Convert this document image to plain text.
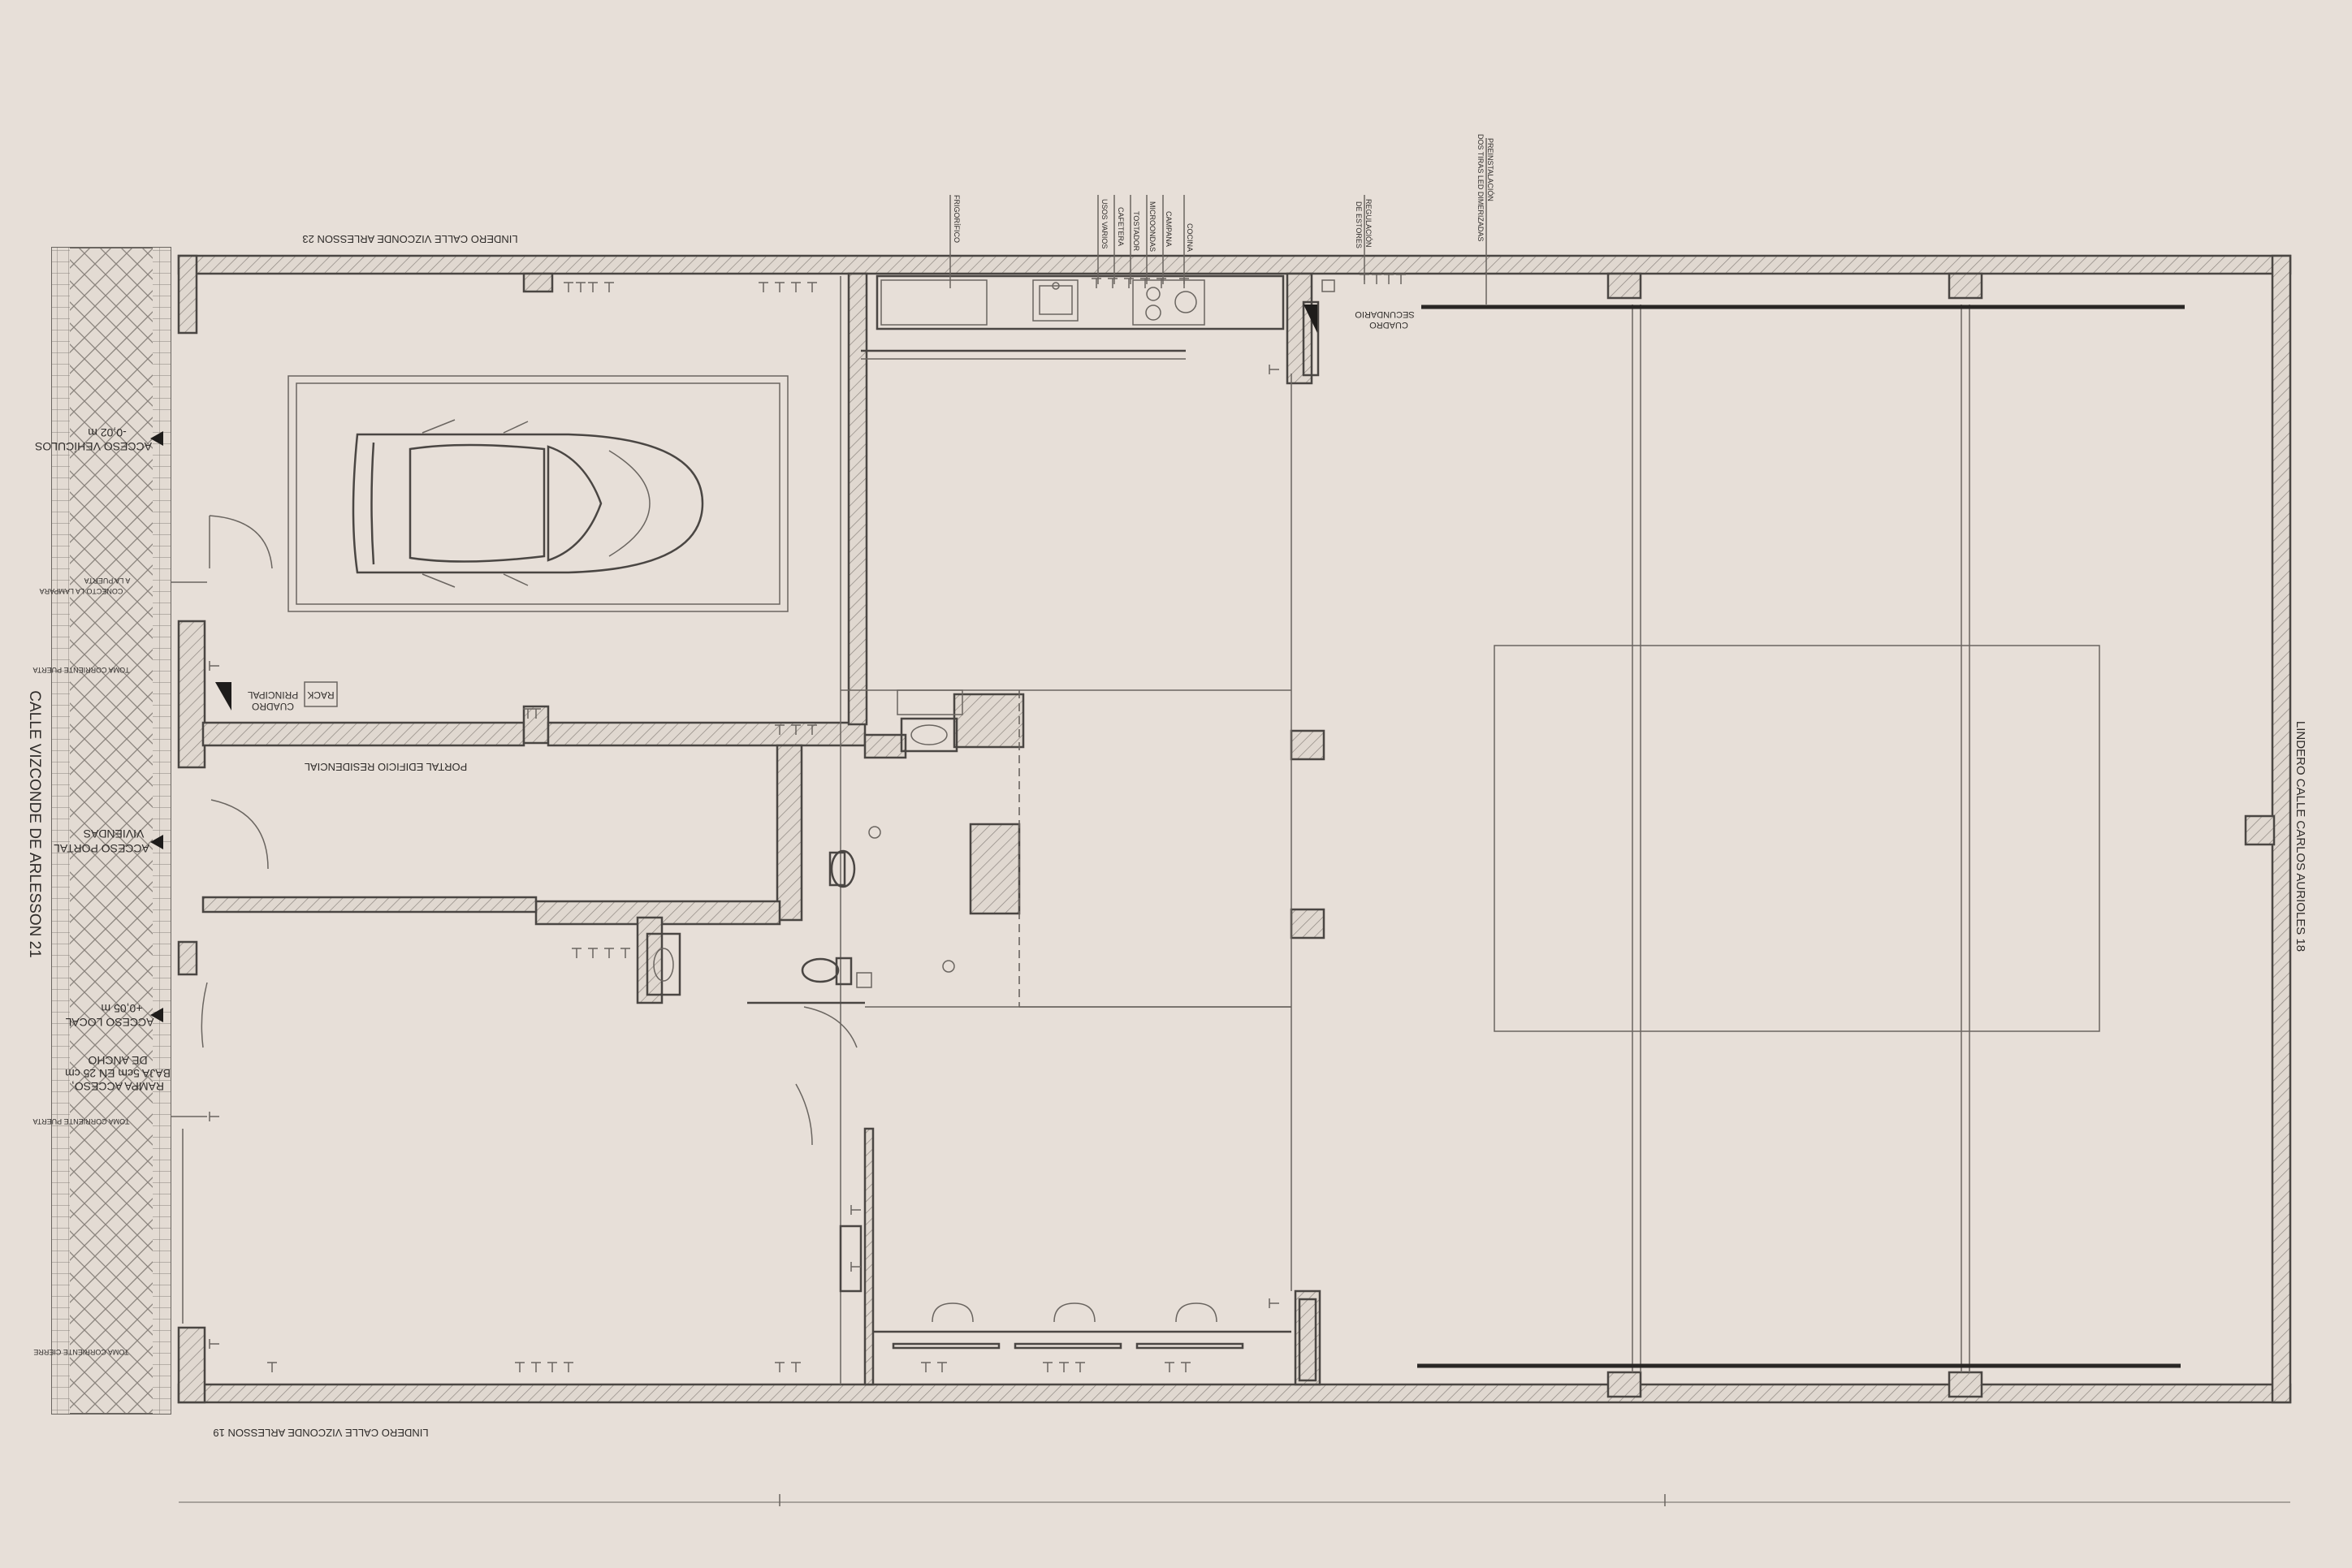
LINDERO CALLE VIZCONDE ARLESSON 23
LINDERO CALLE VIZCONDE ARLESSON 19
LINDERO CALLE CARLOS AURIOLES 18
CALLE VIZCONDE DE ARLESSON 21
ACCESO VEHÍCULOS
-0,02 m
CONECTO LA LAMPARA
A LA PUERTA
TOMA CORRIENTE PUERTA
TOMA CORRIENTE PUERTA
TOMA CORRIENTE CIERRE
ACCESO PORTAL
VIVIENDAS
ACCESO LOCAL
+0,05 m
RAMPA ACCESO,
BAJA 5cm EN 25 cm
DE ANCHO
CUADRO
PRINCIPAL RACK
PORTAL EDIFICIO RESIDENCIAL
CUADRO
SECUNDARIO
FRIGORÍFICO	USOS VARIOS CAFETERA TOSTADOR MICROONDAS CAMPANA COCINA	REGULACIÓN
DE ESTORES
PREINSTALACIÓN
DOS TIRAS LED DIMERIZADAS
